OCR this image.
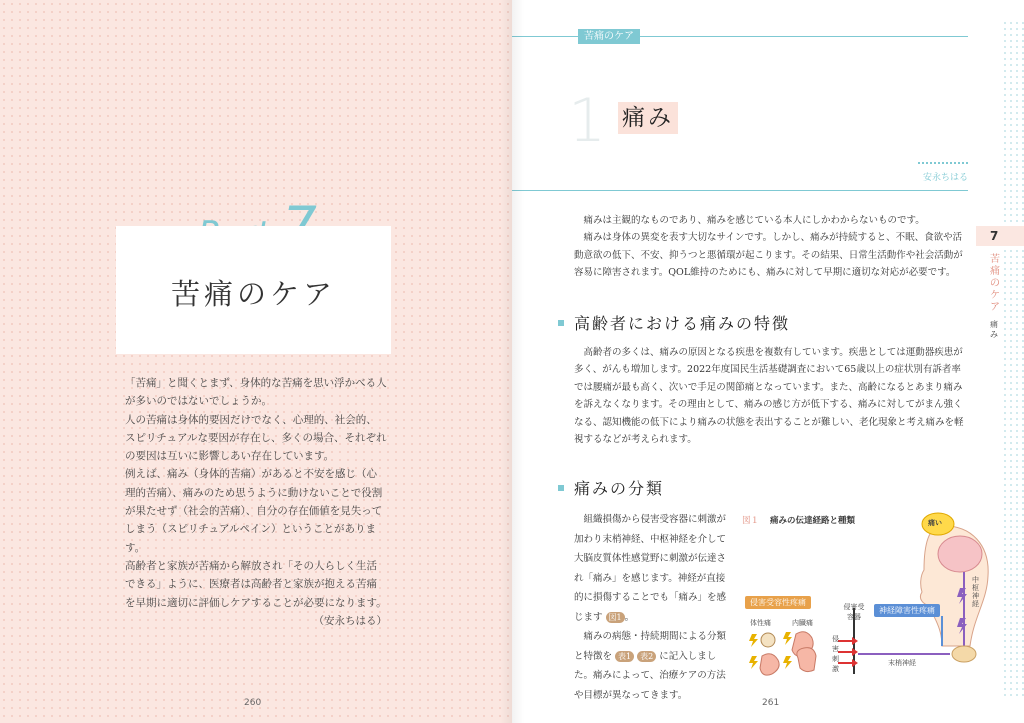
苦痛のケア

「苦痛」と聞くとまず、身体的な苦痛を思い浮かべる人が多いのではないでしょうか。

人の苦痛は身体的要因だけでなく、心理的、社会的、スピリチュアルな要因が存在し、多くの場合、それぞれの要因は互いに影響しあい存在しています。

例えば、痛み（身体的苦痛）があると不安を感じ（心理的苦痛）、痛みのため思うように動けないことで役割が果たせず（社会的苦痛）、自分の存在価値を見失ってしまう（スピリチュアルペイン）ということがあります。

高齢者と家族が苦痛から解放され「その人らしく生活できる」ように、医療者は高齢者と家族が抱える苦痛を早期に適切に評価しケアすることが必要になります。

（安永ちはる）

260
苦痛のケア
1 痛み
安永ちはる

痛みは主観的なものであり、痛みを感じている本人にしかわからないものです。

痛みは身体の異変を表す大切なサインです。しかし、痛みが持続すると、不眠、食欲や活動意欲の低下、不安、抑うつと悪循環が起こります。その結果、日常生活動作や社会活動が容易に障害されます。QOL維持のためにも、痛みに対して早期に適切な対応が必要です。

高齢者における痛みの特徴

高齢者の多くは、痛みの原因となる疾患を複数有しています。疾患としては運動器疾患が多く、がんも増加します。2022年度国民生活基礎調査において65歳以上の症状別有訴者率では腰痛が最も高く、次いで手足の関節痛となっています。また、高齢になるとあまり痛みを訴えなくなります。その理由として、痛みの感じ方が低下する、痛みに対してがまん強くなる、認知機能の低下により痛みの状態を表出することが難しい、老化現象と考え痛みを軽視するなどが考えられます。

痛みの分類

組織損傷から侵害受容器に刺激が加わり末梢神経、中枢神経を介して大脳皮質体性感覚野に刺激が伝達され「痛み」を感じます。神経が直接的に損傷することでも「痛み」を感じます 図1 。

痛みの病態・持続期間による分類と特徴を 表1 表2 に記入しました。痛みによって、治療ケアの方法や目標が異なってきます。

図１ 痛みの伝達経路と種類	痛い
侵害受容性疼痛
体性痛	内臓痛
侵害受容器
侵害刺激
神経障害性疼痛
中枢神経
末梢神経
7
苦痛のケア
痛み
261
